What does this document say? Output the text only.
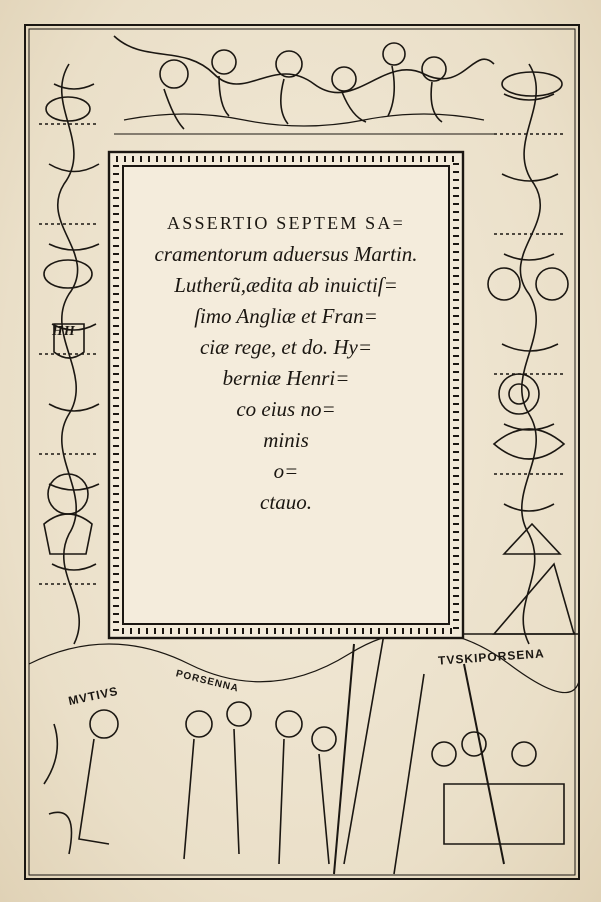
ASSERTIO SEPTEM SA=
cramentorum aduersus Martin.
Lutherũ,ædita ab inuictiſ=
ſimo Angliæ et Fran=
ciæ rege, et do. Hy=
berniæ Henri=
co eius no=
minis
o=
ctauo.
HH
MVTIVS
PORSENNA
TVSKIPORSENA
